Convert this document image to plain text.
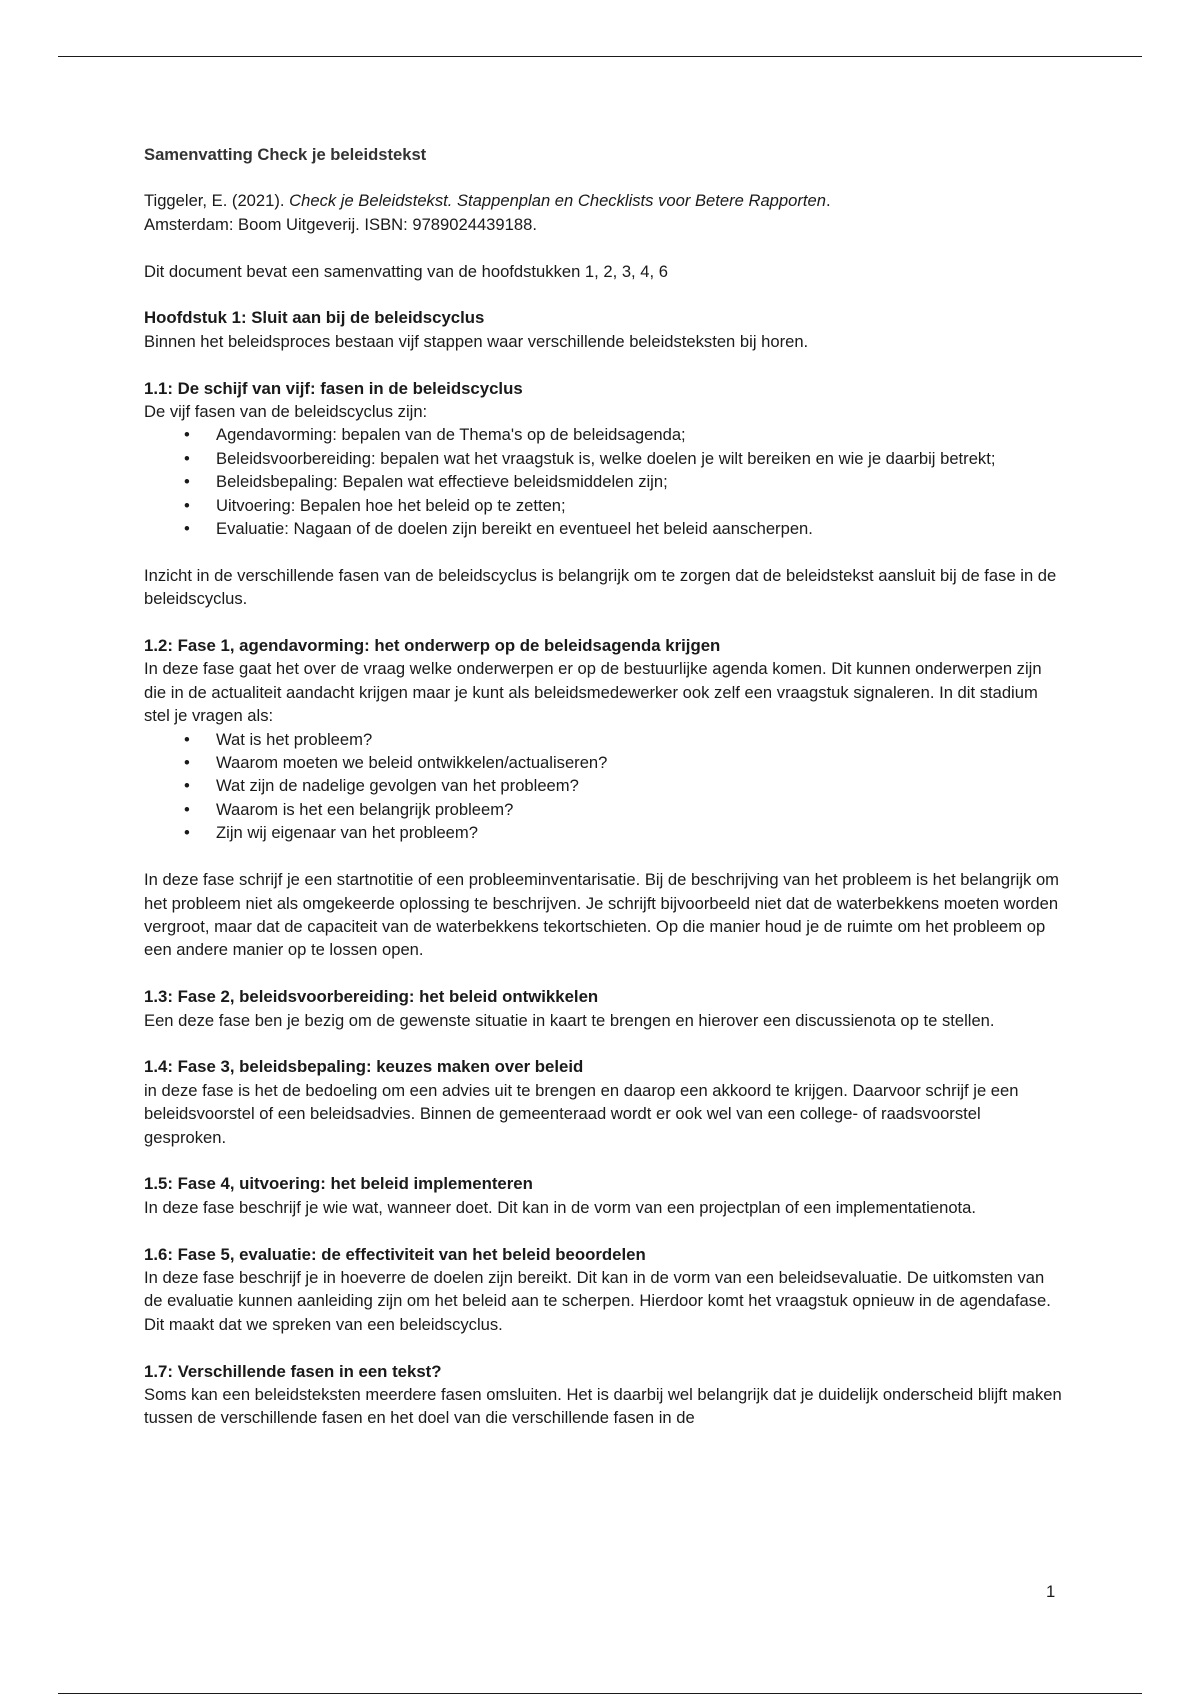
Samenvatting Check je beleidstekst

Tiggeler, E. (2021). Check je Beleidstekst. Stappenplan en Checklists voor Betere Rapporten.
Amsterdam: Boom Uitgeverij. ISBN: 9789024439188.

Dit document bevat een samenvatting van de hoofdstukken 1, 2, 3, 4, 6

Hoofdstuk 1: Sluit aan bij de beleidscyclus

Binnen het beleidsproces bestaan vijf stappen waar verschillende beleidsteksten bij horen.

1.1: De schijf van vijf: fasen in de beleidscyclus

De vijf fasen van de beleidscyclus zijn:

• Agendavorming: bepalen van de Thema's op de beleidsagenda;
• Beleidsvoorbereiding: bepalen wat het vraagstuk is, welke doelen je wilt bereiken en wie je daarbij betrekt;
• Beleidsbepaling: Bepalen wat effectieve beleidsmiddelen zijn;
• Uitvoering: Bepalen hoe het beleid op te zetten;
• Evaluatie: Nagaan of de doelen zijn bereikt en eventueel het beleid aanscherpen.

Inzicht in de verschillende fasen van de beleidscyclus is belangrijk om te zorgen dat de beleidstekst aansluit bij de fase in de beleidscyclus.

1.2: Fase 1, agendavorming: het onderwerp op de beleidsagenda krijgen

In deze fase gaat het over de vraag welke onderwerpen er op de bestuurlijke agenda komen. Dit kunnen onderwerpen zijn die in de actualiteit aandacht krijgen maar je kunt als beleidsmedewerker ook zelf een vraagstuk signaleren. In dit stadium stel je vragen als:

• Wat is het probleem?
• Waarom moeten we beleid ontwikkelen/actualiseren?
• Wat zijn de nadelige gevolgen van het probleem?
• Waarom is het een belangrijk probleem?
• Zijn wij eigenaar van het probleem?

In deze fase schrijf je een startnotitie of een probleeminventarisatie. Bij de beschrijving van het probleem is het belangrijk om het probleem niet als omgekeerde oplossing te beschrijven. Je schrijft bijvoorbeeld niet dat de waterbekkens moeten worden vergroot, maar dat de capaciteit van de waterbekkens tekortschieten. Op die manier houd je de ruimte om het probleem op een andere manier op te lossen open.

1.3: Fase 2, beleidsvoorbereiding: het beleid ontwikkelen

Een deze fase ben je bezig om de gewenste situatie in kaart te brengen en hierover een discussienota op te stellen.

1.4: Fase 3, beleidsbepaling: keuzes maken over beleid

in deze fase is het de bedoeling om een advies uit te brengen en daarop een akkoord te krijgen. Daarvoor schrijf je een beleidsvoorstel of een beleidsadvies. Binnen de gemeenteraad wordt er ook wel van een college- of raadsvoorstel gesproken.

1.5: Fase 4, uitvoering: het beleid implementeren

In deze fase beschrijf je wie wat, wanneer doet. Dit kan in de vorm van een projectplan of een implementatienota.

1.6: Fase 5, evaluatie: de effectiviteit van het beleid beoordelen

In deze fase beschrijf je in hoeverre de doelen zijn bereikt. Dit kan in de vorm van een beleidsevaluatie. De uitkomsten van de evaluatie kunnen aanleiding zijn om het beleid aan te scherpen. Hierdoor komt het vraagstuk opnieuw in de agendafase. Dit maakt dat we spreken van een beleidscyclus.

1.7: Verschillende fasen in een tekst?

Soms kan een beleidsteksten meerdere fasen omsluiten. Het is daarbij wel belangrijk dat je duidelijk onderscheid blijft maken tussen de verschillende fasen en het doel van die verschillende fasen in de

1
